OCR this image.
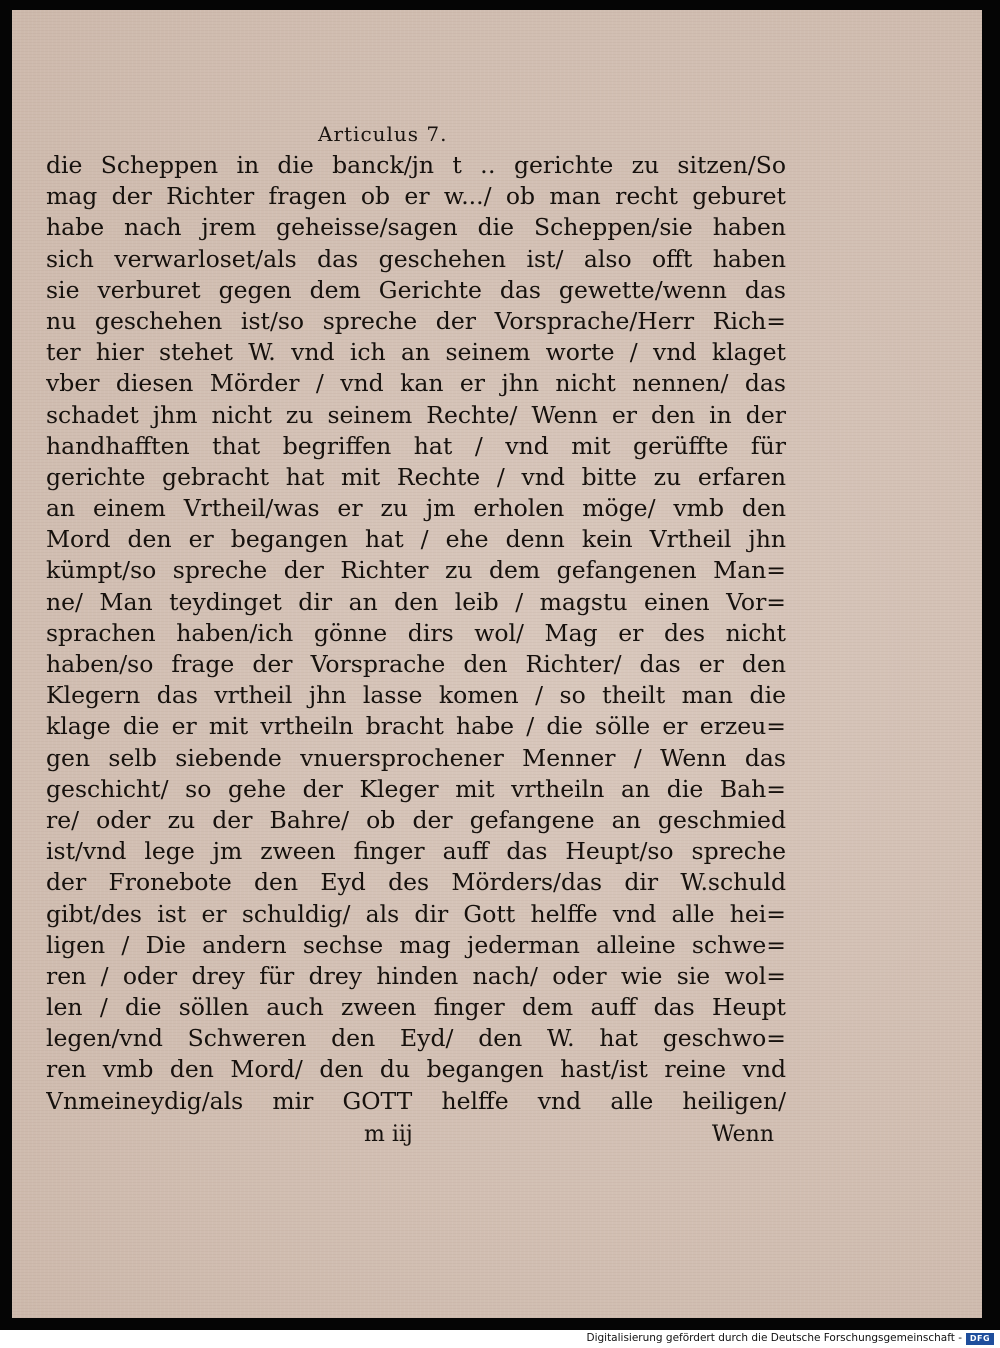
Articulus 7.
die Scheppen in die banck/jn t ‥ gerichte zu sitzen/So
mag der Richter fragen ob er w.../ ob man recht geburet
habe nach jrem geheisse/sagen die Scheppen/sie haben
sich verwarloset/als das geschehen ist/ also offt haben
sie verburet gegen dem Gerichte das gewette/wenn das
nu geschehen ist/so spreche der Vorsprache/Herr Rich=
ter hier stehet W. vnd ich an seinem worte / vnd klaget
vber diesen Mörder / vnd kan er jhn nicht nennen/ das
schadet jhm nicht zu seinem Rechte/ Wenn er den in der
handhafften that begriffen hat / vnd mit gerüffte für
gerichte gebracht hat mit Rechte / vnd bitte zu erfaren
an einem Vrtheil/was er zu jm erholen möge/ vmb den
Mord den er begangen hat / ehe denn kein Vrtheil jhn
kümpt/so spreche der Richter zu dem gefangenen Man=
ne/ Man teydinget dir an den leib / magstu einen Vor=
sprachen haben/ich gönne dirs wol/ Mag er des nicht
haben/so frage der Vorsprache den Richter/ das er den
Klegern das vrtheil jhn lasse komen / so theilt man die
klage die er mit vrtheiln bracht habe / die sölle er erzeu=
gen selb siebende vnuersprochener Menner / Wenn das
geschicht/ so gehe der Kleger mit vrtheiln an die Bah=
re/ oder zu der Bahre/ ob der gefangene an geschmied
ist/vnd lege jm zween finger auff das Heupt/so spreche
der Fronebote den Eyd des Mörders/das dir W.schuld
gibt/des ist er schuldig/ als dir Gott helffe vnd alle hei=
ligen / Die andern sechse mag jederman alleine schwe=
ren / oder drey für drey hinden nach/ oder wie sie wol=
len / die söllen auch zween finger dem auff das Heupt
legen/vnd Schweren den Eyd/ den W. hat geschwo=
ren vmb den Mord/ den du begangen hast/ist reine vnd
Vnmeineydig/als mir GOTT helffe vnd alle heiligen/
m iij	Wenn
Digitalisierung gefördert durch die Deutsche Forschungsgemeinschaft - DFG
